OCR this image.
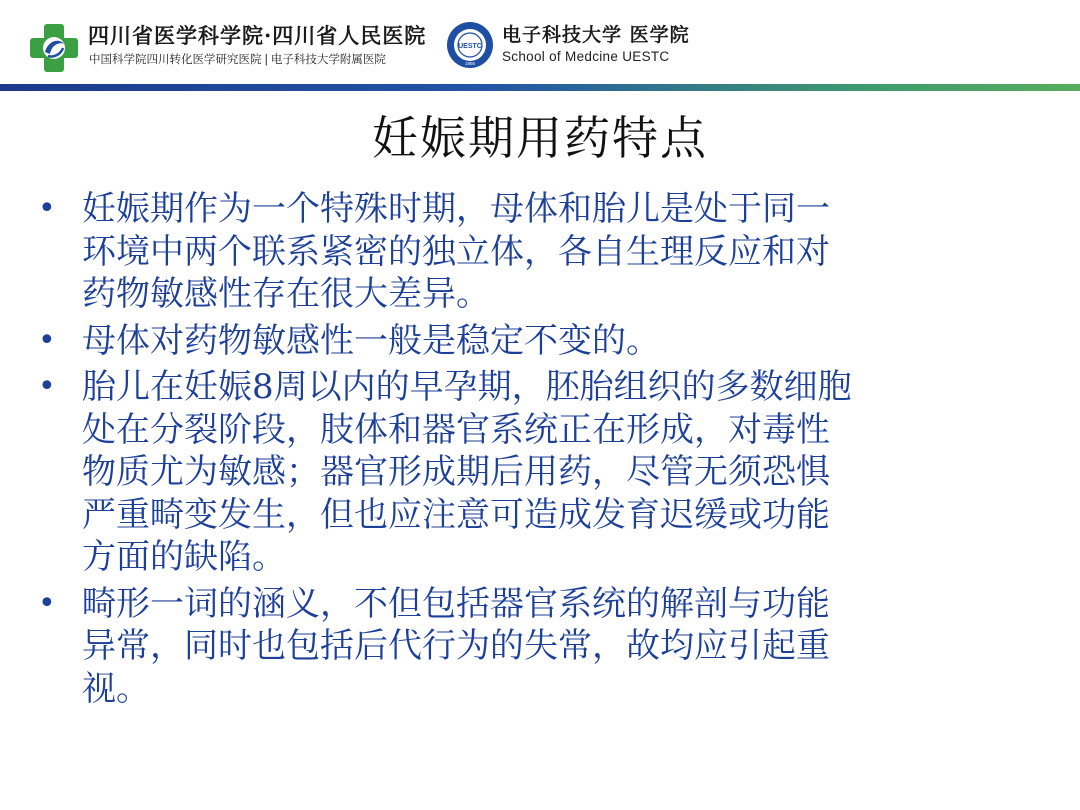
四川省医学科学院·四川省人民医院
中国科学院四川转化医学研究医院 | 电子科技大学附属医院
UESTC
1956
电子科技大学 医学院
School of Medcine UESTC
妊娠期用药特点
• 妊娠期作为一个特殊时期，母体和胎儿是处于同一
环境中两个联系紧密的独立体，各自生理反应和对
药物敏感性存在很大差异。
• 母体对药物敏感性一般是稳定不变的。
• 胎儿在妊娠8周以内的早孕期，胚胎组织的多数细胞
处在分裂阶段，肢体和器官系统正在形成，对毒性
物质尤为敏感；器官形成期后用药，尽管无须恐惧
严重畸变发生，但也应注意可造成发育迟缓或功能
方面的缺陷。
• 畸形一词的涵义，不但包括器官系统的解剖与功能
异常，同时也包括后代行为的失常，故均应引起重
视。
